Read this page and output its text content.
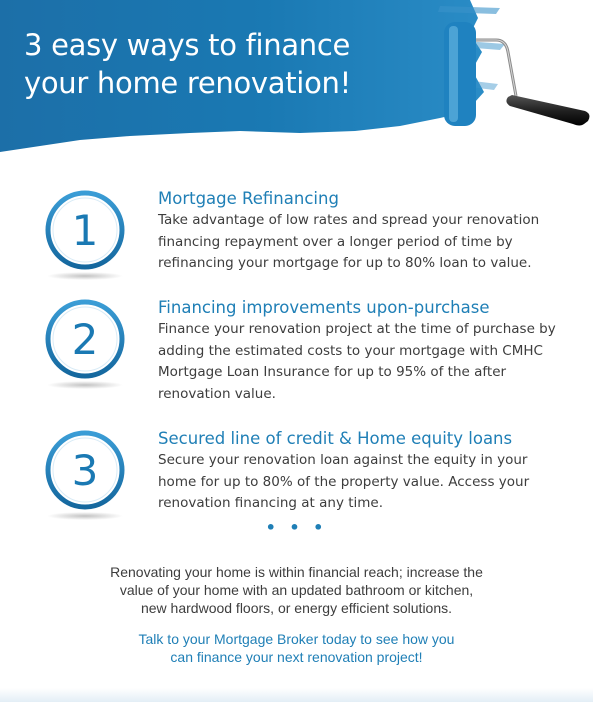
3 easy ways to finance
your home renovation!
1
Mortgage Refinancing

Take advantage of low rates and spread your renovation financing repayment over a longer period of time by refinancing your mortgage for up to 80% loan to value.

2
Financing improvements upon-purchase

Finance your renovation project at the time of purchase by adding the estimated costs to your mortgage with CMHC Mortgage Loan Insurance for up to 95% of the after renovation value.

3
Secured line of credit & Home equity loans

Secure your renovation loan against the equity in your home for up to 80% of the property value. Access your renovation financing at any time.

• • •

Renovating your home is within financial reach; increase the
value of your home with an updated bathroom or kitchen,
new hardwood floors, or energy efficient solutions.

Talk to your Mortgage Broker today to see how you
can finance your next renovation project!
